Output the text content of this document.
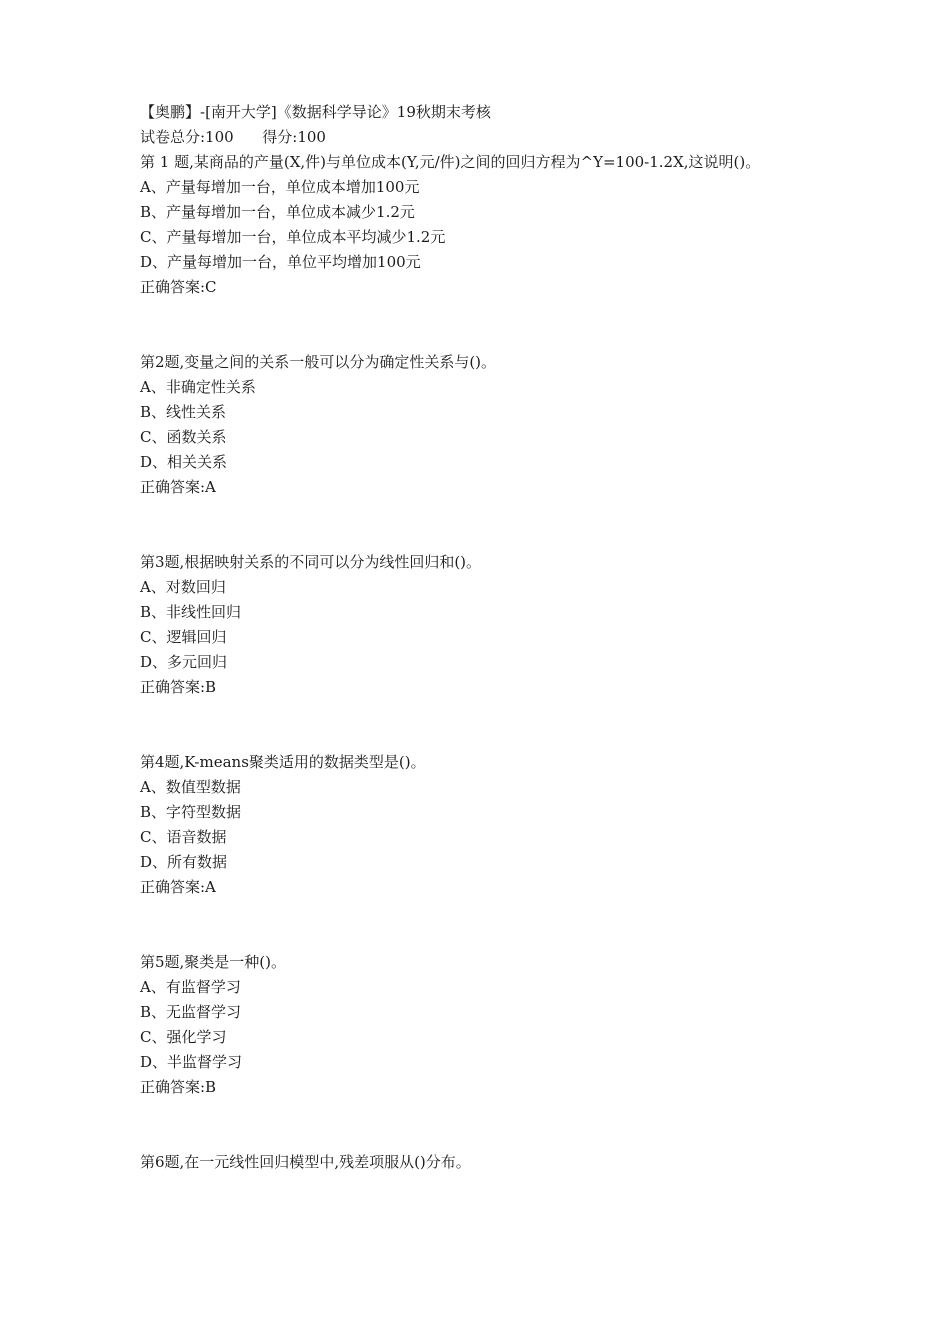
【奥鹏】-[南开大学]《数据科学导论》19秋期末考核

试卷总分:100      得分:100

第 1 题,某商品的产量(X,件)与单位成本(Y,元/件)之间的回归方程为^Y=100-1.2X,这说明()。

A、产量每增加一台，单位成本增加100元

B、产量每增加一台，单位成本减少1.2元

C、产量每增加一台，单位成本平均减少1.2元

D、产量每增加一台，单位平均增加100元

正确答案:C

第2题,变量之间的关系一般可以分为确定性关系与()。

A、非确定性关系

B、线性关系

C、函数关系

D、相关关系

正确答案:A

第3题,根据映射关系的不同可以分为线性回归和()。

A、对数回归

B、非线性回归

C、逻辑回归

D、多元回归

正确答案:B

第4题,K-means聚类适用的数据类型是()。

A、数值型数据

B、字符型数据

C、语音数据

D、所有数据

正确答案:A

第5题,聚类是一种()。

A、有监督学习

B、无监督学习

C、强化学习

D、半监督学习

正确答案:B

第6题,在一元线性回归模型中,残差项服从()分布。
